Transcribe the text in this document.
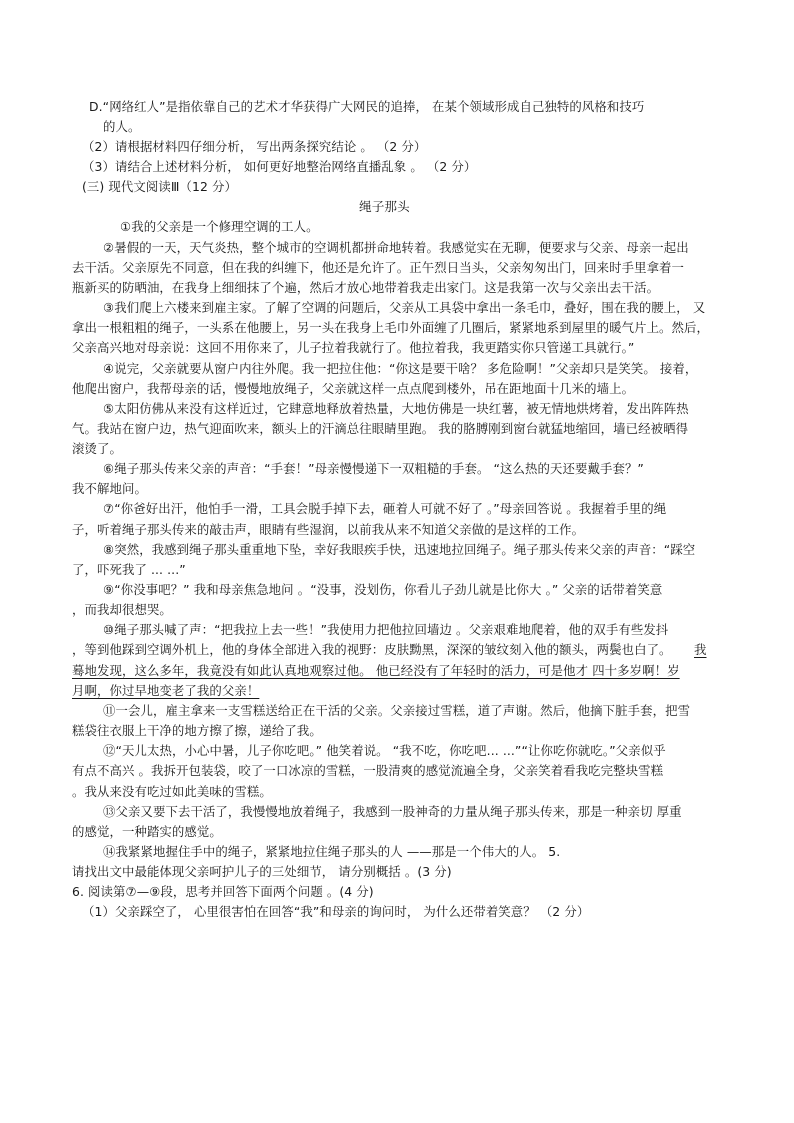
D.“网络红人”是指依靠自己的艺术才华获得广大网民的追捧， 在某个领域形成自己独特的风格和技巧
的人。
（2）请根据材料四仔细分析， 写出两条探究结论 。 （2 分）
（3）请结合上述材料分析， 如何更好地整治网络直播乱象 。 （2 分）
(三) 现代文阅读Ⅲ（12 分）
绳子那头
①我的父亲是一个修理空调的工人。
②暑假的一天，天气炎热，整个城市的空调机都拼命地转着。我感觉实在无聊，便要求与父亲、母亲一起出
去干活。父亲原先不同意，但在我的纠缠下，他还是允许了。正午烈日当头，父亲匆匆出门，回来时手里拿着一
瓶新买的防晒油，在我身上细细抹了个遍，然后才放心地带着我走出家门。这是我第一次与父亲出去干活。
③我们爬上六楼来到雇主家。了解了空调的问题后，父亲从工具袋中拿出一条毛巾，叠好，围在我的腰上， 又
拿出一根粗粗的绳子，一头系在他腰上，另一头在我身上毛巾外面缠了几圈后，紧紧地系到屋里的暖气片上。然后，
父亲高兴地对母亲说：这回不用你来了，儿子拉着我就行了。他拉着我，我更踏实你只管递工具就行。”
④说完，父亲就要从窗户内往外爬。我一把拉住他：“你这是要干啥？ 多危险啊！”父亲却只是笑笑。 接着，
他爬出窗户，我帮母亲的话，慢慢地放绳子，父亲就这样一点点爬到楼外，吊在距地面十几米的墙上。
⑤太阳仿佛从来没有这样近过，它肆意地释放着热量，大地仿佛是一块红薯，被无情地烘烤着，发出阵阵热
气。我站在窗户边，热气迎面吹来，额头上的汗滴总往眼睛里跑。 我的胳膊刚到窗台就猛地缩回，墙已经被晒得
滚烫了。
⑥绳子那头传来父亲的声音：“手套！”母亲慢慢递下一双粗糙的手套。 “这么热的天还要戴手套？”
我不解地问。
⑦“你爸好出汗，他怕手一滑，工具会脱手掉下去，砸着人可就不好了 。”母亲回答说 。我握着手里的绳
子，听着绳子那头传来的敲击声，眼睛有些湿润，以前我从来不知道父亲做的是这样的工作。
⑧突然，我感到绳子那头重重地下坠，幸好我眼疾手快，迅速地拉回绳子。绳子那头传来父亲的声音：“踩空
了，吓死我了 ... ...”
⑨“你没事吧？” 我和母亲焦急地问 。“没事，没划伤，你看儿子劲儿就是比你大 。” 父亲的话带着笑意
，而我却很想哭。
⑩绳子那头喊了声：“把我拉上去一些！”我使用力把他拉回墙边 。父亲艰难地爬着，他的双手有些发抖
，等到他踩到空调外机上，他的身体全部进入我的视野：皮肤黝黑，深深的皱纹刻入他的额头，两鬓也白了。 我
蓦地发现，这么多年，我竟没有如此认真地观察过他。 他已经没有了年轻时的活力，可是他才 四十多岁啊！岁
月啊，你过早地变老了我的父亲！
⑪一会儿，雇主拿来一支雪糕送给正在干活的父亲。父亲接过雪糕，道了声谢。然后，他摘下脏手套，把雪
糕袋往衣服上干净的地方擦了擦，递给了我。
⑫“天儿太热，小心中暑，儿子你吃吧。” 他笑着说。 “我不吃，你吃吧... ...”“让你吃你就吃。”父亲似乎
有点不高兴 。我拆开包装袋，咬了一口冰凉的雪糕，一股清爽的感觉流遍全身，父亲笑着看我吃完整块雪糕
。我从来没有吃过如此美味的雪糕。
⑬父亲又要下去干活了，我慢慢地放着绳子，我感到一股神奇的力量从绳子那头传来，那是一种亲切 厚重
的感觉，一种踏实的感觉。
⑭我紧紧地握住手中的绳子，紧紧地拉住绳子那头的人 ——那是一个伟大的人。 5.
请找出文中最能体现父亲呵护儿子的三处细节， 请分别概括 。(3 分)
6. 阅读第⑦—⑨段，思考并回答下面两个问题 。(4 分)
（1）父亲踩空了， 心里很害怕在回答“我”和母亲的询问时， 为什么还带着笑意？ （2 分）
